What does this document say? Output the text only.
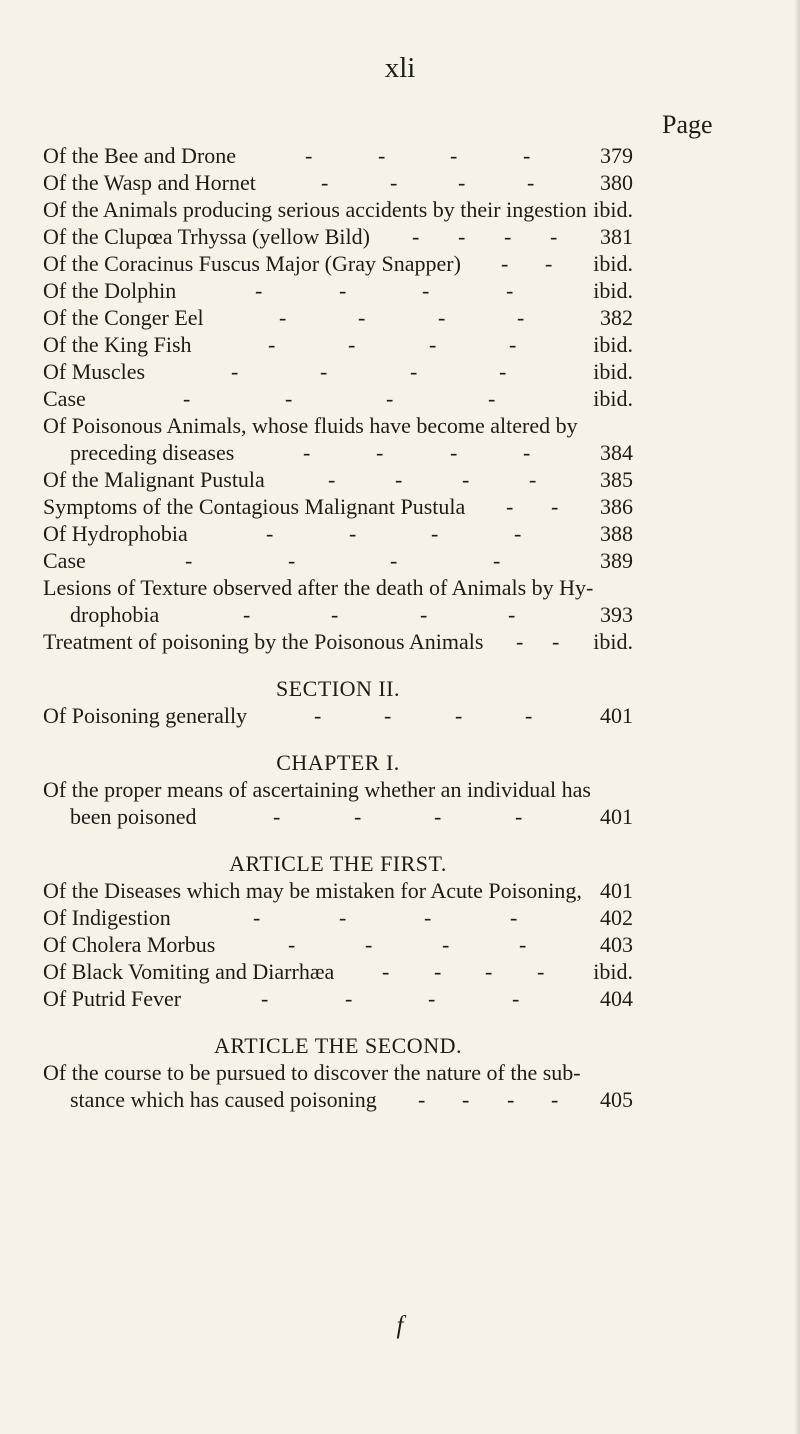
xli
Page
Of the Bee and Drone	379
-	-	-	-
Of the Wasp and Hornet	380
-	-	-	-
Of the Animals producing serious accidents by their ingestion ibid.
Of the Clupœa Trhyssa (yellow Bild)	381
- - - -
Of the Coracinus Fuscus Major (Gray Snapper)	ibid.
- -
Of the Dolphin	ibid.
-	-	-	-
Of the Conger Eel	382
-	-	-	-
Of the King Fish	ibid.
-	-	-	-
Of Muscles	ibid.
-	-	-	-
Case	ibid.
-	-	-	-
Of Poisonous Animals, whose fluids have become altered by
preceding diseases	384
-	-	-	-
Of the Malignant Pustula	385
-	-	-	-
Symptoms of the Contagious Malignant Pustula	386
- -
Of Hydrophobia	388
-	-	-	-
Case	389
-	-	-	-
Lesions of Texture observed after the death of Animals by Hy-
drophobia	393
-	-	-	-
Treatment of poisoning by the Poisonous Animals	ibid.
- -
SECTION II.
Of Poisoning generally	401
-	-	-	-
CHAPTER I.
Of the proper means of ascertaining whether an individual has
been poisoned	401
-	-	-	-
ARTICLE THE FIRST.
Of the Diseases which may be mistaken for Acute Poisoning, 401
Of Indigestion	402
-	-	-	-
Of Cholera Morbus	403
-	-	-	-
Of Black Vomiting and Diarrhæa	ibid.
- - - -
Of Putrid Fever	404
-	-	-	-
ARTICLE THE SECOND.
Of the course to be pursued to discover the nature of the sub-
stance which has caused poisoning	405
- - - -
f
